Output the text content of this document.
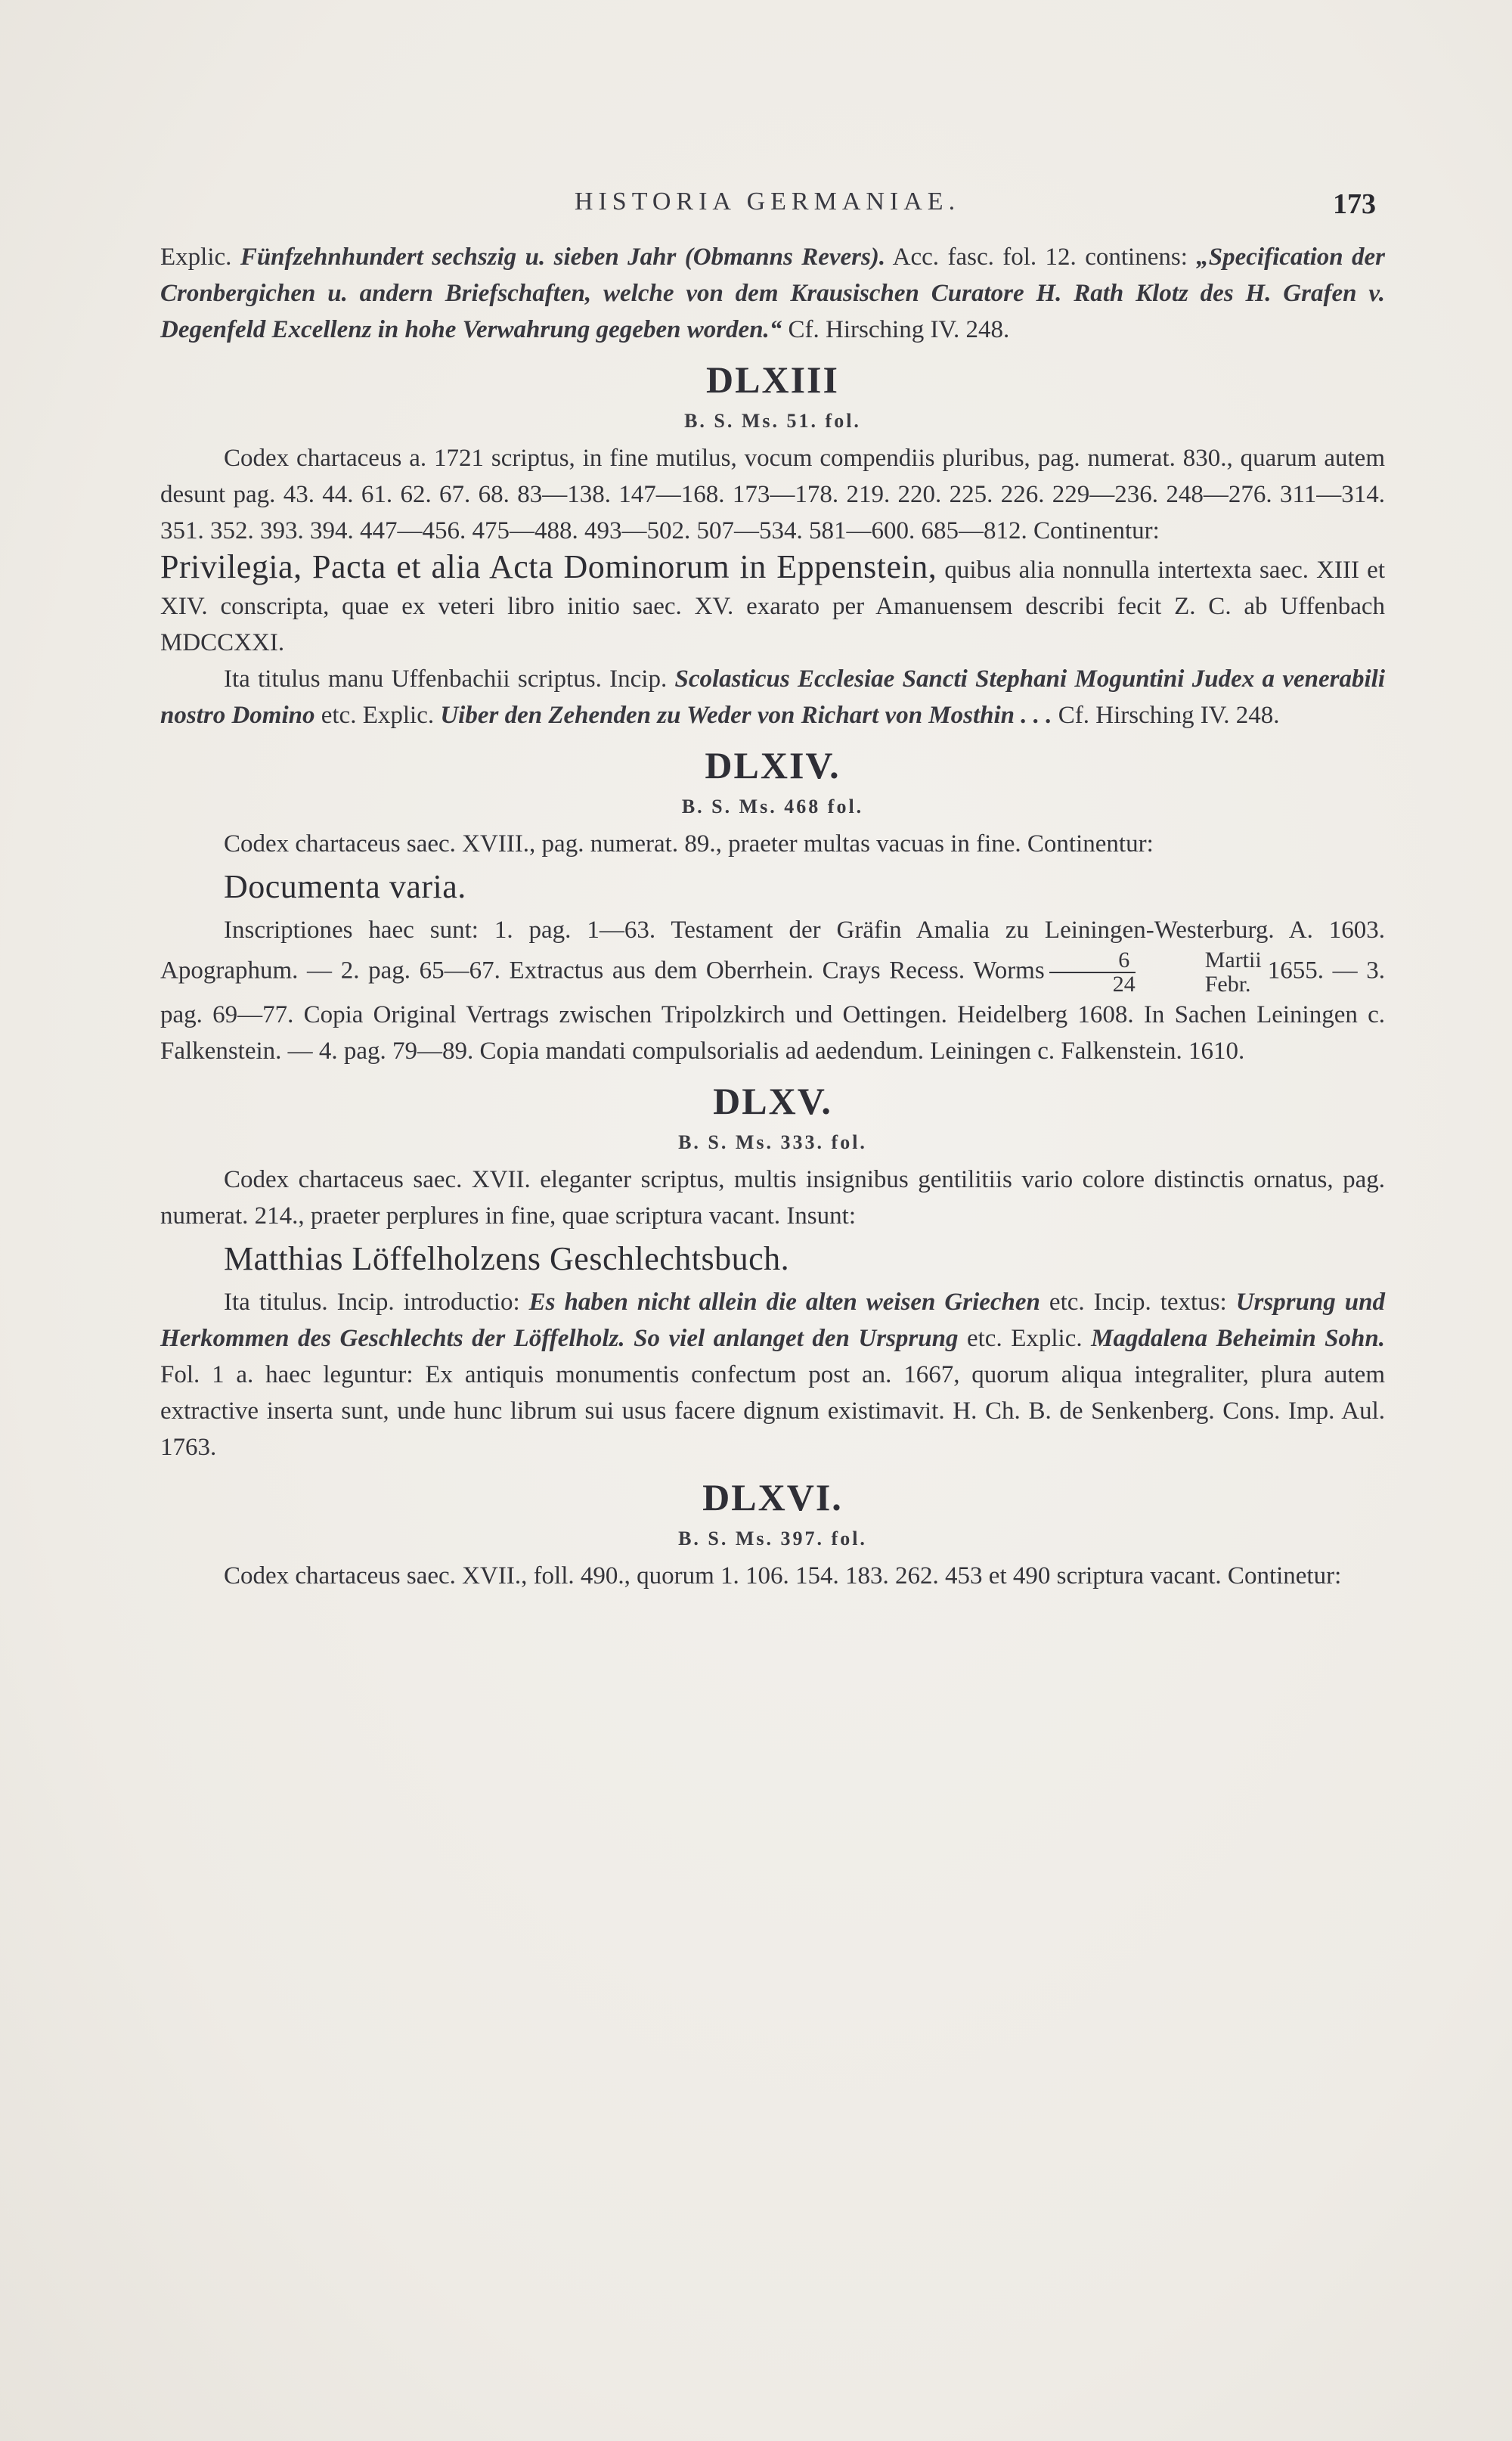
HISTORIA GERMANIAE.	173

Explic. Fünfzehnhundert sechszig u. sieben Jahr (Obmanns Revers). Acc. fasc. fol. 12. continens: „Specification der Cronbergichen u. andern Briefschaften, welche von dem Krausischen Curatore H. Rath Klotz des H. Grafen v. Degenfeld Excellenz in hohe Verwahrung gegeben worden.“ Cf. Hirsching IV. 248.

DLXIII
B. S. Ms. 51. fol.

Codex chartaceus a. 1721 scriptus, in fine mutilus, vocum compendiis pluribus, pag. numerat. 830., quarum autem desunt pag. 43. 44. 61. 62. 67. 68. 83—138. 147—168. 173—178. 219. 220. 225. 226. 229—236. 248—276. 311—314. 351. 352. 393. 394. 447—456. 475—488. 493—502. 507—534. 581—600. 685—812. Continentur:

Privilegia, Pacta et alia Acta Dominorum in Eppenstein, quibus alia nonnulla intertexta saec. XIII et XIV. conscripta, quae ex veteri libro initio saec. XV. exarato per Amanuensem describi fecit Z. C. ab Uffenbach MDCCXXI.

Ita titulus manu Uffenbachii scriptus. Incip. Scolasticus Ecclesiae Sancti Stephani Moguntini Judex a venerabili nostro Domino etc. Explic. Uiber den Zehenden zu Weder von Richart von Mosthin . . . Cf. Hirsching IV. 248.

DLXIV.
B. S. Ms. 468 fol.

Codex chartaceus saec. XVIII., pag. numerat. 89., praeter multas vacuas in fine. Continentur:

Documenta varia.

Inscriptiones haec sunt: 1. pag. 1—63. Testament der Gräfin Amalia zu Leiningen-Westerburg. A. 1603. Apographum. — 2. pag. 65—67. Extractus aus dem Oberrhein. Crays Recess. Worms $\frac{6}{24}$	Martii
Febr. 1655. — 3. pag. 69—77. Copia Original Vertrags zwischen Tripolzkirch und Oettingen. Heidelberg 1608. In Sachen Leiningen c. Falkenstein. — 4. pag. 79—89. Copia mandati compulsorialis ad aedendum. Leiningen c. Falkenstein. 1610.

DLXV.
B. S. Ms. 333. fol.

Codex chartaceus saec. XVII. eleganter scriptus, multis insignibus gentilitiis vario colore distinctis ornatus, pag. numerat. 214., praeter perplures in fine, quae scriptura vacant. Insunt:

Matthias Löffelholzens Geschlechtsbuch.

Ita titulus. Incip. introductio: Es haben nicht allein die alten weisen Griechen etc. Incip. textus: Ursprung und Herkommen des Geschlechts der Löffelholz. So viel anlanget den Ursprung etc. Explic. Magdalena Beheimin Sohn. Fol. 1 a. haec leguntur: Ex antiquis monumentis confectum post an. 1667, quorum aliqua integraliter, plura autem extractive inserta sunt, unde hunc librum sui usus facere dignum existimavit. H. Ch. B. de Senkenberg. Cons. Imp. Aul. 1763.

DLXVI.
B. S. Ms. 397. fol.

Codex chartaceus saec. XVII., foll. 490., quorum 1. 106. 154. 183. 262. 453 et 490 scriptura vacant. Continetur:
